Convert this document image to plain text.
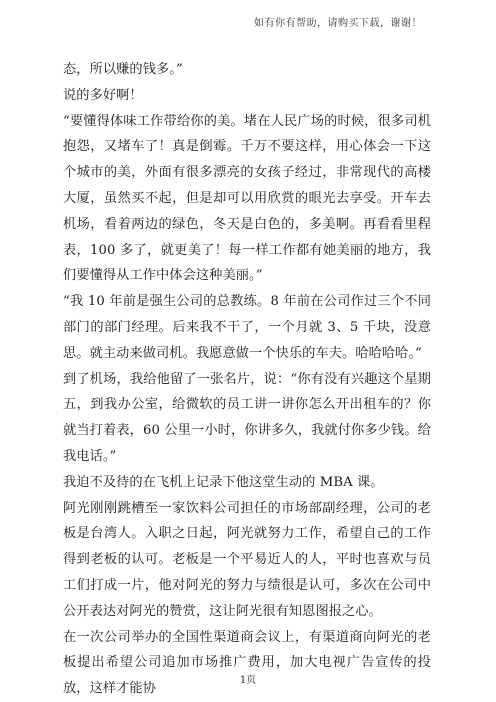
如有你有帮助，请购买下载，谢谢！

态，所以赚的钱多。”

说的多好啊！

“要懂得体味工作带给你的美。堵在人民广场的时候，很多司机抱怨，又堵车了！真是倒霉。千万不要这样，用心体会一下这个城市的美，外面有很多漂亮的女孩子经过，非常现代的高楼大厦，虽然买不起，但是却可以用欣赏的眼光去享受。开车去机场，看着两边的绿色，冬天是白色的，多美啊。再看看里程表，100 多了，就更美了！每一样工作都有她美丽的地方，我们要懂得从工作中体会这种美丽。”

“我 10 年前是强生公司的总教练。8 年前在公司作过三个不同部门的部门经理。后来我不干了，一个月就 3、5 千块，没意思。就主动来做司机。我愿意做一个快乐的车夫。哈哈哈哈。”

到了机场，我给他留了一张名片，说：“你有没有兴趣这个星期五，到我办公室，给微软的员工讲一讲你怎么开出租车的？你就当打着表，60 公里一小时，你讲多久，我就付你多少钱。给我电话。”

我迫不及待的在飞机上记录下他这堂生动的 MBA 课。

阿光刚刚跳槽至一家饮料公司担任的市场部副经理，公司的老板是台湾人。入职之日起，阿光就努力工作，希望自己的工作得到老板的认可。老板是一个平易近人的人，平时也喜欢与员工们打成一片，他对阿光的努力与绩很是认可，多次在公司中公开表达对阿光的赞赏，这让阿光很有知恩图报之心。

在一次公司举办的全国性渠道商会议上，有渠道商向阿光的老板提出希望公司追加市场推广费用，加大电视广告宣传的投放，这样才能协

1页
